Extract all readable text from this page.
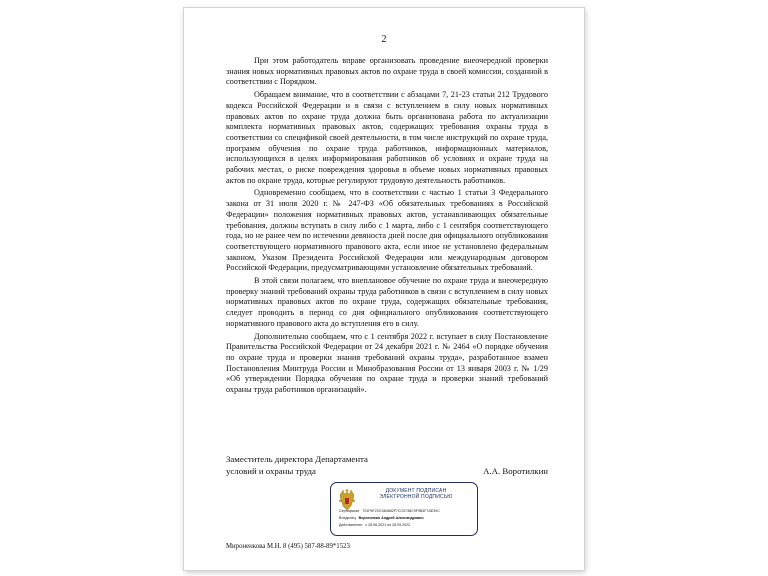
2

При этом работодатель вправе организовать проведение внеочередной проверки знания новых нормативных правовых актов по охране труда в своей комиссии, созданной в соответствии с Порядком.

Обращаем внимание, что в соответствии с абзацами 7, 21-23 статьи 212 Трудового кодекса Российской Федерации и в связи с вступлением в силу новых нормативных правовых актов по охране труда должна быть организована работа по актуализации комплекта нормативных правовых актов, содержащих требования охраны труда в соответствии со спецификой своей деятельности, в том числе инструкций по охране труда, программ обучения по охране труда работников, информационных материалов, использующихся в целях информирования работников об условиях и охране труда на рабочих местах, о риске повреждения здоровья в объеме новых нормативных правовых актов по охране труда, которые регулируют трудовую деятельность работников.

Одновременно сообщаем, что в соответствии с частью 1 статьи 3 Федерального закона от 31 июля 2020 г. № 247-ФЗ «Об обязательных требованиях в Российской Федерации» положения нормативных правовых актов, устанавливающих обязательные требования, должны вступать в силу либо с 1 марта, либо с 1 сентября соответствующего года, но не ранее чем по истечении девяноста дней после дня официального опубликования соответствующего нормативного правового акта, если иное не установлено федеральным законом, Указом Президента Российской Федерации или международным договором Российской Федерации, предусматривающими установление обязательных требований.

В этой связи полагаем, что внеплановое обучение по охране труда и внеочередную проверку знаний требований охраны труда работников в связи с вступлением в силу новых нормативных правовых актов по охране труда, содержащих обязательные требования, следует проводить в период со дня официального опубликования соответствующего нормативного правового акта до вступления его в силу.

Дополнительно сообщаем, что с 1 сентября 2022 г. вступает в силу Постановление Правительства Российской Федерации от 24 декабря 2021 г. № 2464 «О порядке обучения по охране труда и проверки знания требований охраны труда», разработанное взамен Постановления Минтруда России и Минобразования России от 13 января 2003 г. № 1/29 «Об утверждении Порядка обучения по охране труда и проверки знаний требований охраны труда работников организаций».

Заместитель директора Департамента
условий и охраны труда	А.А. Воротилкин
ДОКУМЕНТ ПОДПИСАН
ЭЛЕКТРОННОЙ ПОДПИСЬЮ
Сертификат 701F5F2CE384682F7CC5738C9F9B3F7AE39C
Владелец Воротилкин Андрей Александрович
Действителен с 28.06.2021 по 28.09.2022
Мироненкова М.Н. 8 (495) 587-88-89*1523
